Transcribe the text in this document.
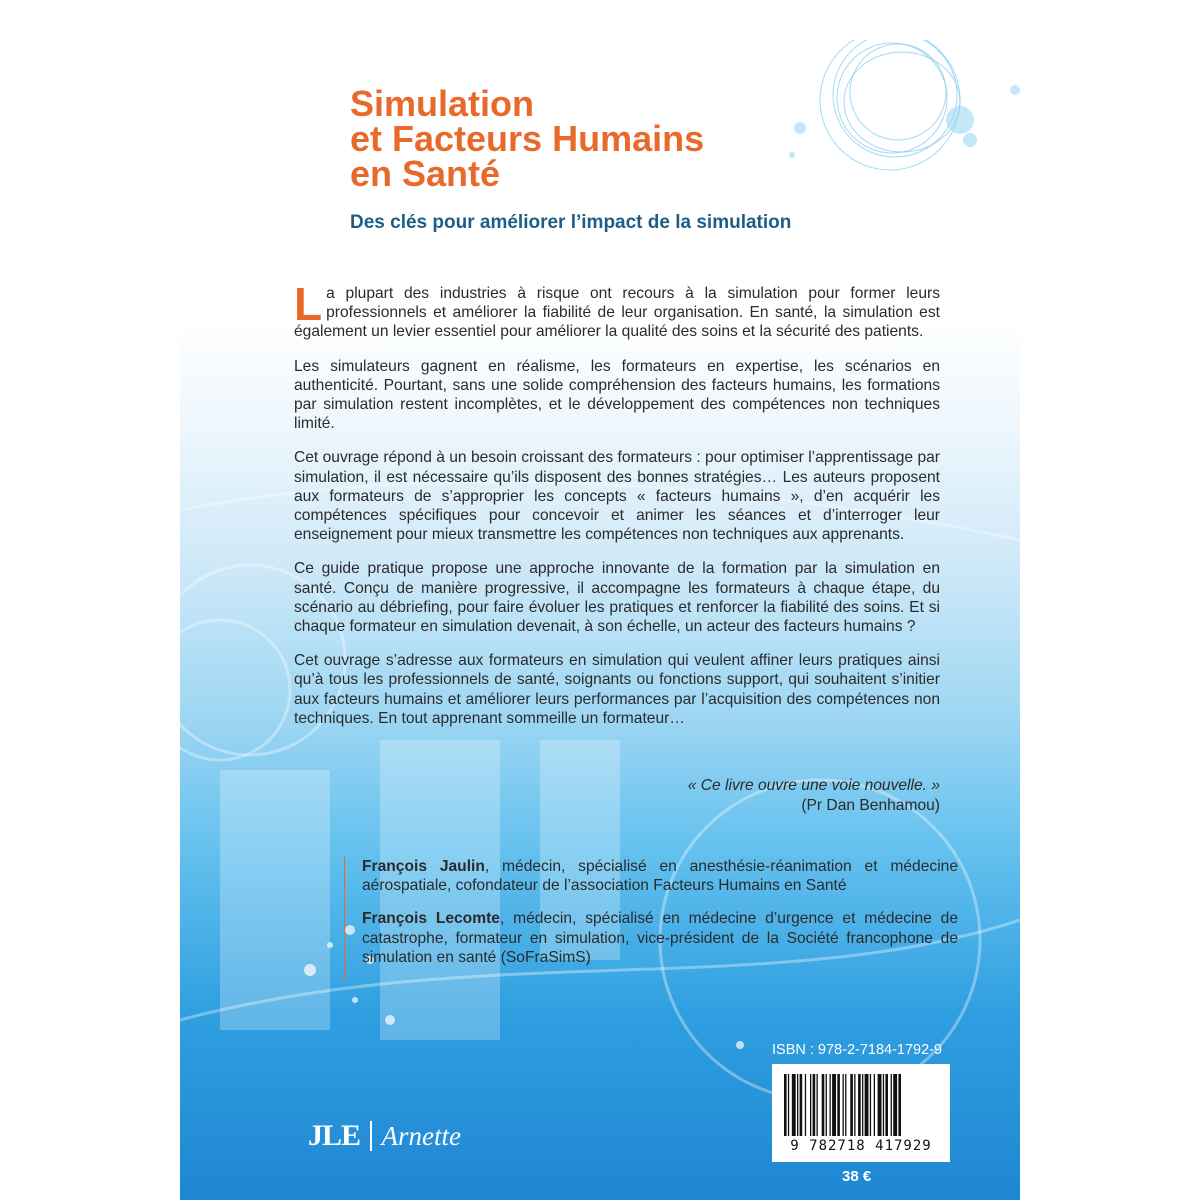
Simulation
et Facteurs Humains
en Santé
Des clés pour améliorer l’impact de la simulation

La plupart des industries à risque ont recours à la simulation pour former leurs professionnels et améliorer la fiabilité de leur organisation. En santé, la simulation est également un levier essentiel pour améliorer la qualité des soins et la sécurité des patients.

Les simulateurs gagnent en réalisme, les formateurs en expertise, les scénarios en authenticité. Pourtant, sans une solide compréhension des facteurs humains, les formations par simulation restent incomplètes, et le développement des compétences non techniques limité.

Cet ouvrage répond à un besoin croissant des formateurs : pour optimiser l’apprentissage par simulation, il est nécessaire qu’ils disposent des bonnes stratégies… Les auteurs proposent aux formateurs de s’approprier les concepts « facteurs humains », d’en acquérir les compétences spécifiques pour concevoir et animer les séances et d’interroger leur enseignement pour mieux transmettre les compétences non techniques aux apprenants.

Ce guide pratique propose une approche innovante de la formation par la simulation en santé. Conçu de manière progressive, il accompagne les formateurs à chaque étape, du scénario au débriefing, pour faire évoluer les pratiques et renforcer la fiabilité des soins. Et si chaque formateur en simulation devenait, à son échelle, un acteur des facteurs humains ?

Cet ouvrage s’adresse aux formateurs en simulation qui veulent affiner leurs pratiques ainsi qu’à tous les professionnels de santé, soignants ou fonctions support, qui souhaitent s’initier aux facteurs humains et améliorer leurs performances par l’acquisition des compétences non techniques. En tout apprenant sommeille un formateur…

« Ce livre ouvre une voie nouvelle. »
(Pr Dan Benhamou)

François Jaulin, médecin, spécialisé en anesthésie-réanimation et médecine aérospatiale, cofondateur de l’association Facteurs Humains en Santé

François Lecomte, médecin, spécialisé en médecine d’urgence et médecine de catastrophe, formateur en simulation, vice-président de la Société francophone de simulation en santé (SoFraSimS)

JLE Arnette
ISBN : 978-2-7184-1792-9
9 782718 417929
38 €
